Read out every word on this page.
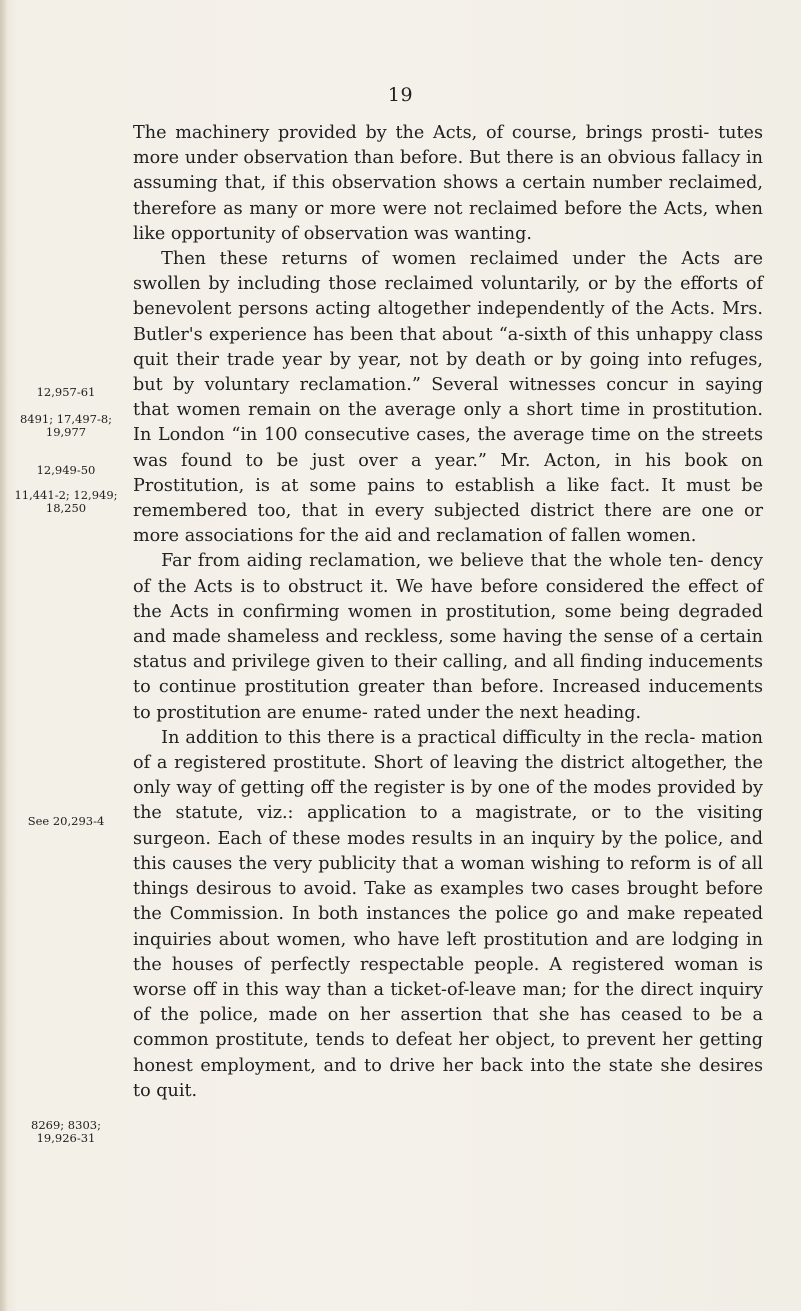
19

The machinery provided by the Acts, of course, brings prosti- tutes more under observation than before. But there is an obvious fallacy in assuming that, if this observation shows a certain number reclaimed, therefore as many or more were not reclaimed before the Acts, when like opportunity of observation was wanting.

Then these returns of women reclaimed under the Acts are swollen by including those reclaimed voluntarily, or by the efforts of benevolent persons acting altogether independently of the Acts. Mrs. Butler's experience has been that about “a-sixth of this unhappy class quit their trade year by year, not by death or by going into refuges, but by voluntary reclamation.” Several witnesses concur in saying that women remain on the average only a short time in prostitution. In London “in 100 consecutive cases, the average time on the streets was found to be just over a year.” Mr. Acton, in his book on Prostitution, is at some pains to establish a like fact. It must be remembered too, that in every subjected district there are one or more associations for the aid and reclamation of fallen women.

Far from aiding reclamation, we believe that the whole ten- dency of the Acts is to obstruct it. We have before considered the effect of the Acts in confirming women in prostitution, some being degraded and made shameless and reckless, some having the sense of a certain status and privilege given to their calling, and all finding inducements to continue prostitution greater than before. Increased inducements to prostitution are enume- rated under the next heading.

In addition to this there is a practical difficulty in the recla- mation of a registered prostitute. Short of leaving the district altogether, the only way of getting off the register is by one of the modes provided by the statute, viz.: application to a magistrate, or to the visiting surgeon. Each of these modes results in an inquiry by the police, and this causes the very publicity that a woman wishing to reform is of all things desirous to avoid. Take as examples two cases brought before the Commission. In both instances the police go and make repeated inquiries about women, who have left prostitution and are lodging in the houses of perfectly respectable people. A registered woman is worse off in this way than a ticket-of-leave man; for the direct inquiry of the police, made on her assertion that she has ceased to be a common prostitute, tends to defeat her object, to prevent her getting honest employment, and to drive her back into the state she desires to quit.

12,957-61
8491; 17,497-8;
19,977
12,949-50
11,441-2; 12,949;
18,250
See 20,293-4
8269; 8303;
19,926-31
